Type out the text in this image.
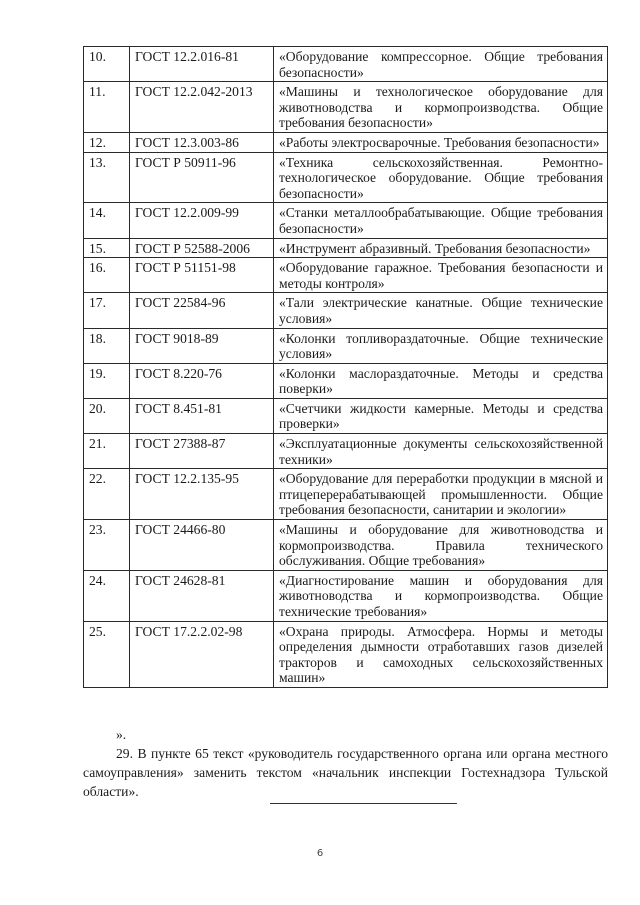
10.	ГОСТ 12.2.016-81	«Оборудование компрессорное. Общие требования безопасности»
11.	ГОСТ 12.2.042-2013	«Машины и технологическое оборудование для животноводства и кормопроизводства. Общие требования безопасности»
12.	ГОСТ 12.3.003-86	«Работы электросварочные. Требования безопасности»
13.	ГОСТ Р 50911-96	«Техника сельскохозяйственная. Ремонтно-технологическое оборудование. Общие требования безопасности»
14.	ГОСТ 12.2.009-99	«Станки металлообрабатывающие. Общие требования безопасности»
15.	ГОСТ Р 52588-2006	«Инструмент абразивный. Требования безопасности»
16.	ГОСТ Р 51151-98	«Оборудование гаражное. Требования безопасности и методы контроля»
17.	ГОСТ 22584-96	«Тали электрические канатные. Общие технические условия»
18.	ГОСТ 9018-89	«Колонки топливораздаточные. Общие технические условия»
19.	ГОСТ 8.220-76	«Колонки маслораздаточные. Методы и средства поверки»
20.	ГОСТ 8.451-81	«Счетчики жидкости камерные. Методы и средства проверки»
21.	ГОСТ 27388-87	«Эксплуатационные документы сельскохозяйственной техники»
22.	ГОСТ 12.2.135-95	«Оборудование для переработки продукции в мясной и птицеперерабатывающей промышленности. Общие требования безопасности, санитарии и экологии»
23.	ГОСТ 24466-80	«Машины и оборудование для животноводства и кормопроизводства. Правила технического обслуживания. Общие требования»
24.	ГОСТ 24628-81	«Диагностирование машин и оборудования для животноводства и кормопроизводства. Общие технические требования»
25.	ГОСТ 17.2.2.02-98	«Охрана природы. Атмосфера. Нормы и методы определения дымности отработавших газов дизелей тракторов и самоходных сельскохозяйственных машин»
».

29. В пункте 65 текст «руководитель государственного органа или органа местного самоуправления» заменить текстом «начальник инспекции Гостехнадзора Тульской области».

6
